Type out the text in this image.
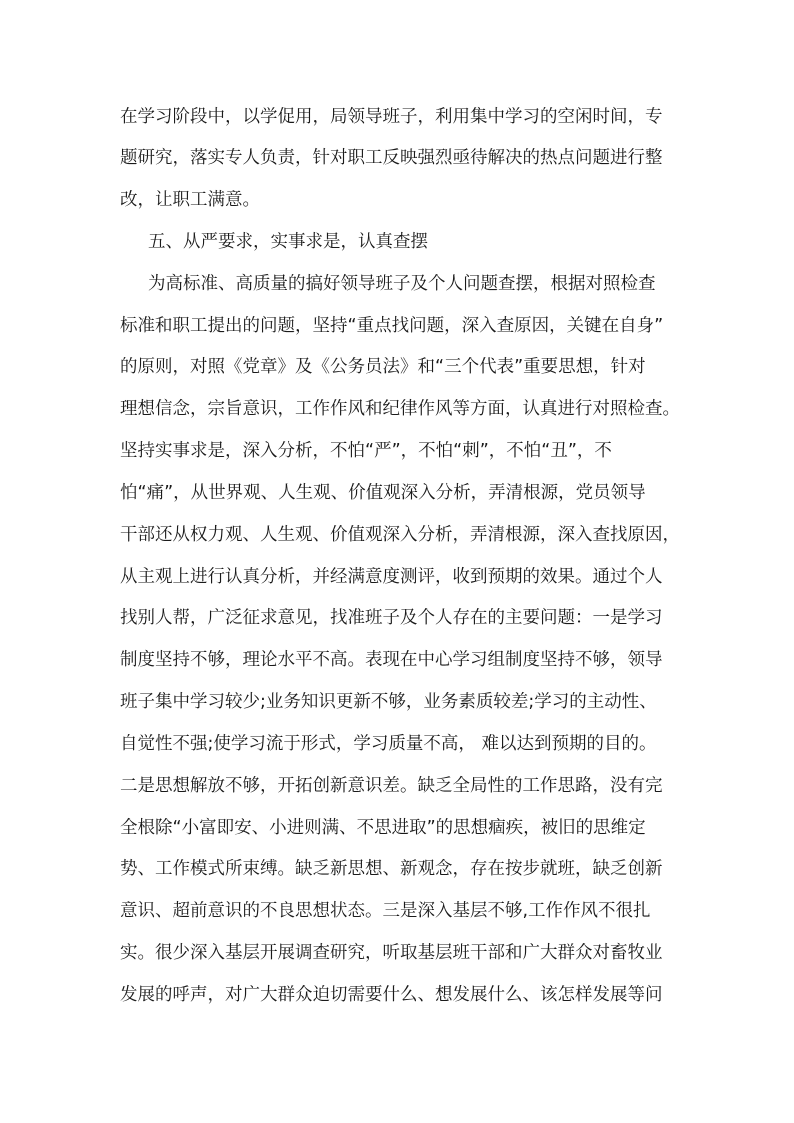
在学习阶段中，以学促用，局领导班子，利用集中学习的空闲时间，专
题研究，落实专人负责，针对职工反映强烈亟待解决的热点问题进行整
改，让职工满意。
五、从严要求，实事求是，认真查摆
为高标准、高质量的搞好领导班子及个人问题查摆，根据对照检查
标准和职工提出的问题，坚持“重点找问题，深入查原因，关键在自身”
的原则，对照《党章》及《公务员法》和“三个代表”重要思想，针对
理想信念，宗旨意识，工作作风和纪律作风等方面，认真进行对照检查。
坚持实事求是，深入分析，不怕“严”，不怕“刺”，不怕“丑”，不
怕“痛”，从世界观、人生观、价值观深入分析，弄清根源，党员领导
干部还从权力观、人生观、价值观深入分析，弄清根源，深入查找原因，
从主观上进行认真分析，并经满意度测评，收到预期的效果。通过个人
找别人帮，广泛征求意见，找准班子及个人存在的主要问题：一是学习
制度坚持不够，理论水平不高。表现在中心学习组制度坚持不够，领导
班子集中学习较少;业务知识更新不够，业务素质较差;学习的主动性、
自觉性不强;使学习流于形式，学习质量不高， 难以达到预期的目的。
二是思想解放不够，开拓创新意识差。缺乏全局性的工作思路，没有完
全根除“小富即安、小进则满、不思进取”的思想痼疾，被旧的思维定
势、工作模式所束缚。缺乏新思想、新观念，存在按步就班，缺乏创新
意识、超前意识的不良思想状态。三是深入基层不够,工作作风不很扎
实。很少深入基层开展调查研究，听取基层班干部和广大群众对畜牧业
发展的呼声，对广大群众迫切需要什么、想发展什么、该怎样发展等问
